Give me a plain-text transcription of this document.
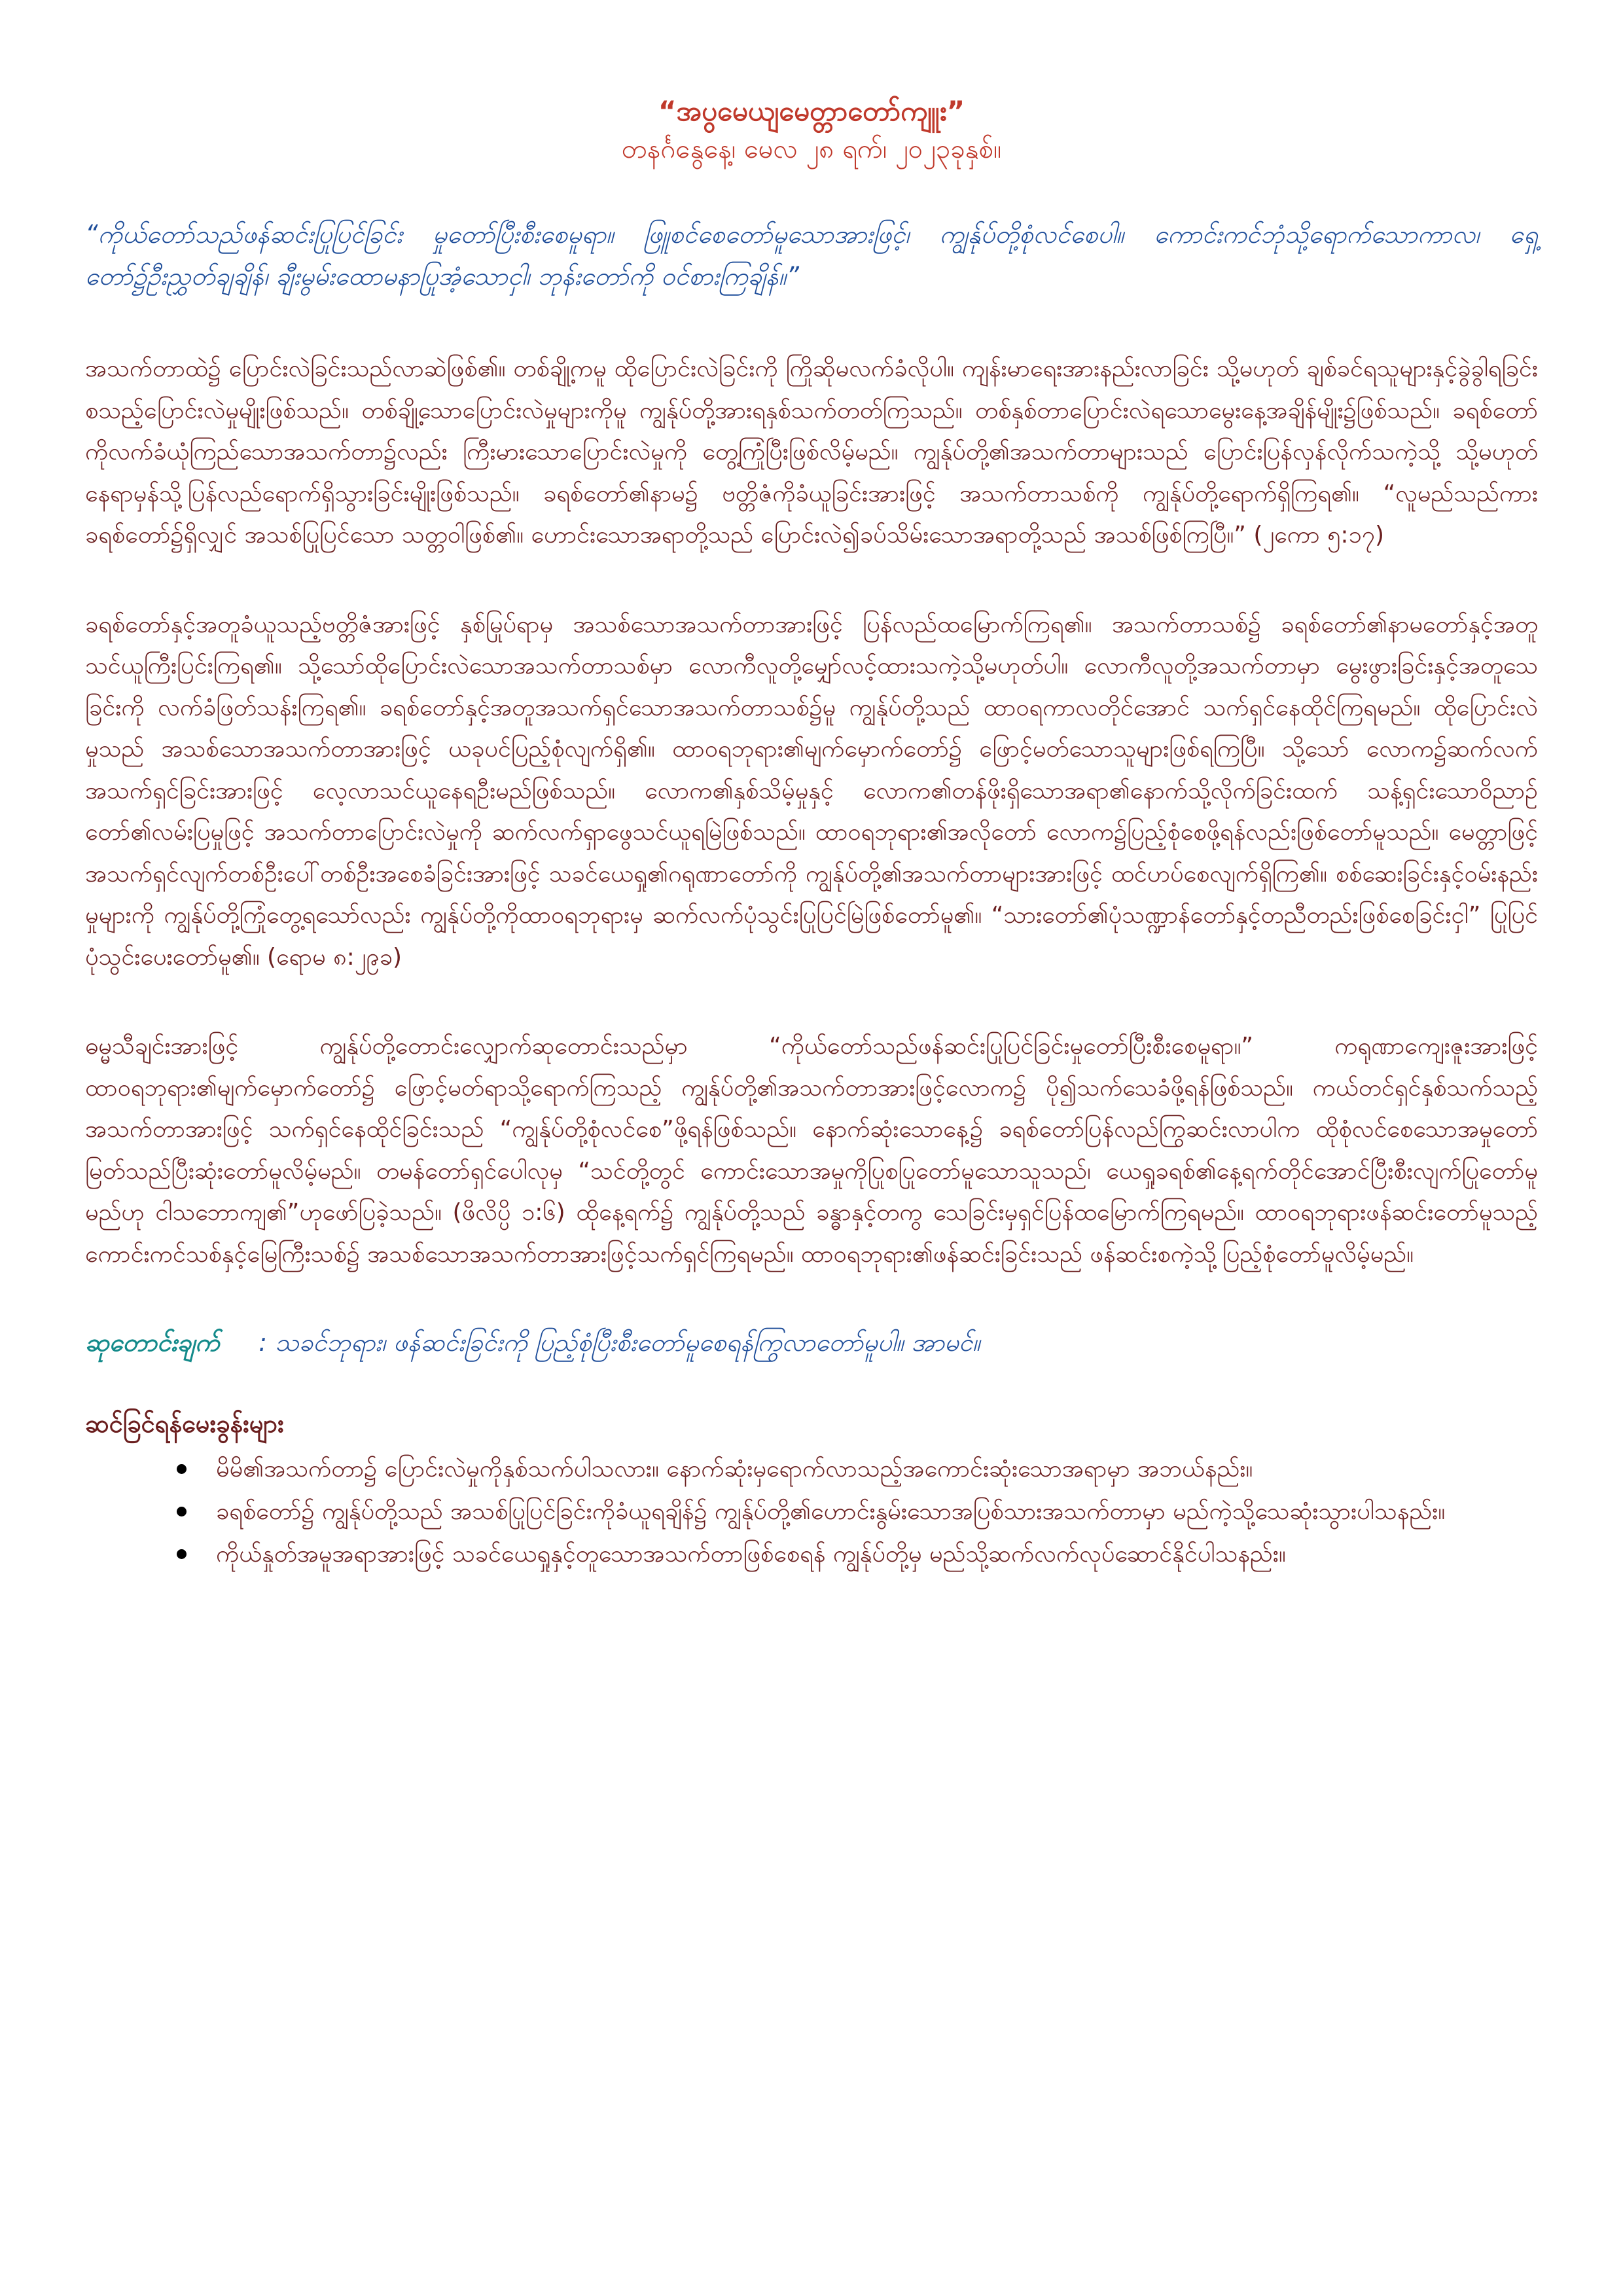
“အပွမေယျမေတ္တာတော်ကျူး”

တနင်္ဂနွေနေ့၊ မေလ ၂၈ ရက်၊ ၂၀၂၃ခုနှစ်။

“ကိုယ်တော်သည်ဖန်ဆင်းပြုပြင်ခြင်း မှုတော်ပြီးစီးစေမူရာ။ ဖြူစင်စေတော်မူသောအားဖြင့်၊ ကျွန်ုပ်တို့စုံလင်စေပါ။ ကောင်းကင်ဘုံသို့ရောက်သောကာလ၊ ရှေ့တော်၌ဦးညွှတ်ချချိန်၊ ချီးမွမ်းထောမနာပြုအံ့သောငှါ၊ ဘုန်းတော်ကို ဝင်စားကြချိန်။”

အသက်တာထဲ၌ ပြောင်းလဲခြင်းသည်လာဆဲဖြစ်၏။ တစ်ချို့ကမူ ထိုပြောင်းလဲခြင်းကို ကြိုဆိုမလက်ခံလိုပါ။ ကျန်းမာရေးအားနည်းလာခြင်း သို့မဟုတ် ချစ်ခင်ရသူများနှင့်ခွဲခွါရခြင်းစသည့်ပြောင်းလဲမှုမျိုးဖြစ်သည်။ တစ်ချို့သောပြောင်းလဲမှုများကိုမူ ကျွန်ုပ်တို့အားရနှစ်သက်တတ်ကြသည်။ တစ်နှစ်တာပြောင်းလဲရသောမွေးနေ့အချိန်မျိုး၌ဖြစ်သည်။ ခရစ်တော်ကိုလက်ခံယုံကြည်သောအသက်တာ၌လည်း ကြီးမားသောပြောင်းလဲမှုကို တွေ့ကြုံပြီးဖြစ်လိမ့်မည်။ ကျွန်ုပ်တို့၏အသက်တာများသည် ပြောင်းပြန်လှန်လိုက်သကဲ့သို့ သို့မဟုတ် နေရာမှန်သို့ပြန်လည်ရောက်ရှိသွားခြင်းမျိုးဖြစ်သည်။ ခရစ်တော်၏နာမ၌ ဗတ္တိဇံကိုခံယူခြင်းအားဖြင့် အသက်တာသစ်ကို ကျွန်ုပ်တို့ရောက်ရှိကြရ၏။ “လူမည်သည်ကားခရစ်တော်၌ရှိလျှင် အသစ်ပြုပြင်သော သတ္တဝါဖြစ်၏။ ဟောင်းသောအရာတို့သည် ပြောင်းလဲ၍ခပ်သိမ်းသောအရာတို့သည် အသစ်ဖြစ်ကြပြီ။” (၂ကော ၅:၁၇)

ခရစ်တော်နှင့်အတူခံယူသည့်ဗတ္တိဇံအားဖြင့် နှစ်မြုပ်ရာမှ အသစ်သောအသက်တာအားဖြင့် ပြန်လည်ထမြောက်ကြရ၏။ အသက်တာသစ်၌ ခရစ်တော်၏နာမတော်နှင့်အတူ သင်ယူကြီးပြင်းကြရ၏။ သို့သော်ထိုပြောင်းလဲသောအသက်တာသစ်မှာ လောကီလူတို့မျှော်လင့်ထားသကဲ့သို့မဟုတ်ပါ။ လောကီလူတို့အသက်တာမှာ မွေးဖွားခြင်းနှင့်အတူသေခြင်းကို လက်ခံဖြတ်သန်းကြရ၏။ ခရစ်တော်နှင့်အတူအသက်ရှင်သောအသက်တာသစ်၌မူ ကျွန်ုပ်တို့သည် ထာဝရကာလတိုင်အောင် သက်ရှင်နေထိုင်ကြရမည်။ ထိုပြောင်းလဲမှုသည် အသစ်သောအသက်တာအားဖြင့် ယခုပင်ပြည့်စုံလျက်ရှိ၏။ ထာဝရဘုရား၏မျက်မှောက်တော်၌ ဖြောင့်မတ်သောသူများဖြစ်ရကြပြီ။ သို့သော် လောက၌ဆက်လက်အသက်ရှင်ခြင်းအားဖြင့် လေ့လာသင်ယူနေရဦးမည်ဖြစ်သည်။ လောက၏နှစ်သိမ့်မှုနှင့် လောက၏တန်ဖိုးရှိသောအရာ၏နောက်သို့လိုက်ခြင်းထက် သန့်ရှင်းသောဝိညာဉ်တော်၏လမ်းပြမှုဖြင့် အသက်တာပြောင်းလဲမှုကို ဆက်လက်ရှာဖွေသင်ယူရမြဲဖြစ်သည်။ ထာဝရဘုရား၏အလိုတော် လောက၌ပြည့်စုံစေဖို့ရန်လည်းဖြစ်တော်မူသည်။ မေတ္တာဖြင့်အသက်ရှင်လျက်တစ်ဦးပေါ်တစ်ဦးအစေခံခြင်းအားဖြင့် သခင်ယေရှု၏ဂရုဏာတော်ကို ကျွန်ုပ်တို့၏အသက်တာများအားဖြင့် ထင်ဟပ်စေလျက်ရှိကြ၏။ စစ်ဆေးခြင်းနှင့်ဝမ်းနည်းမှုများကို ကျွန်ုပ်တို့ကြုံတွေ့ရသော်လည်း ကျွန်ုပ်တို့ကိုထာဝရဘုရားမှ ဆက်လက်ပုံသွင်းပြုပြင်မြဲဖြစ်တော်မူ၏။ “သားတော်၏ပုံသဏ္ဍာန်တော်နှင့်တညီတည်းဖြစ်စေခြင်းငှါ” ပြုပြင်ပုံသွင်းပေးတော်မူ၏။ (ရောမ ၈:၂၉ခ)

ဓမ္မသီချင်းအားဖြင့် ကျွန်ုပ်တို့တောင်းလျှောက်ဆုတောင်းသည်မှာ “ကိုယ်တော်သည်ဖန်ဆင်းပြုပြင်ခြင်းမှုတော်ပြီးစီးစေမူရာ။” ကရုဏာကျေးဇူးအားဖြင့် ထာဝရဘုရား၏မျက်မှောက်တော်၌ ဖြောင့်မတ်ရာသို့ရောက်ကြသည့် ကျွန်ုပ်တို့၏အသက်တာအားဖြင့်လောက၌ ပို၍သက်သေခံဖို့ရန်ဖြစ်သည်။ ကယ်တင်ရှင်နှစ်သက်သည့်အသက်တာအားဖြင့် သက်ရှင်နေထိုင်ခြင်းသည် “ကျွန်ုပ်တို့စုံလင်စေ”ဖို့ရန်ဖြစ်သည်။ နောက်ဆုံးသောနေ့၌ ခရစ်တော်ပြန်လည်ကြွဆင်းလာပါက ထိုစုံလင်စေသောအမှုတော်မြတ်သည်ပြီးဆုံးတော်မူလိမ့်မည်။ တမန်တော်ရှင်ပေါလုမှ “သင်တို့တွင် ကောင်းသောအမှုကိုပြုစပြုတော်မူသောသူသည်၊ ယေရှုခရစ်၏နေ့ရက်တိုင်အောင်ပြီးစီးလျက်ပြုတော်မူမည်ဟု ငါသဘောကျ၏”ဟုဖော်ပြခဲ့သည်။ (ဖိလိပ္ပိ ၁:၆) ထိုနေ့ရက်၌ ကျွန်ုပ်တို့သည် ခန္ဓာနှင့်တကွ သေခြင်းမှရှင်ပြန်ထမြောက်ကြရမည်။ ထာဝရဘုရားဖန်ဆင်းတော်မူသည့် ကောင်းကင်သစ်နှင့်မြေကြီးသစ်၌ အသစ်သောအသက်တာအားဖြင့်သက်ရှင်ကြရမည်။ ထာဝရဘုရား၏ဖန်ဆင်းခြင်းသည် ဖန်ဆင်းစကဲ့သို့ပြည့်စုံတော်မူလိမ့်မည်။

ဆုတောင်းချက် : သခင်ဘုရား၊ ဖန်ဆင်းခြင်းကို ပြည့်စုံပြီးစီးတော်မူစေရန်ကြွလာတော်မူပါ။ အာမင်။

ဆင်ခြင်ရန်မေးခွန်းများ
မိမိ၏အသက်တာ၌ ပြောင်းလဲမှုကိုနှစ်သက်ပါသလား။ နောက်ဆုံးမှရောက်လာသည့်အကောင်းဆုံးသောအရာမှာ အဘယ်နည်း။
ခရစ်တော်၌ ကျွန်ုပ်တို့သည် အသစ်ပြုပြင်ခြင်းကိုခံယူရချိန်၌ ကျွန်ုပ်တို့၏ဟောင်းနွမ်းသောအပြစ်သားအသက်တာမှာ မည်ကဲ့သို့သေဆုံးသွားပါသနည်း။
ကိုယ်နှုတ်အမူအရာအားဖြင့် သခင်ယေရှုနှင့်တူသောအသက်တာဖြစ်စေရန် ကျွန်ုပ်တို့မှ မည်သို့ဆက်လက်လုပ်ဆောင်နိုင်ပါသနည်း။
